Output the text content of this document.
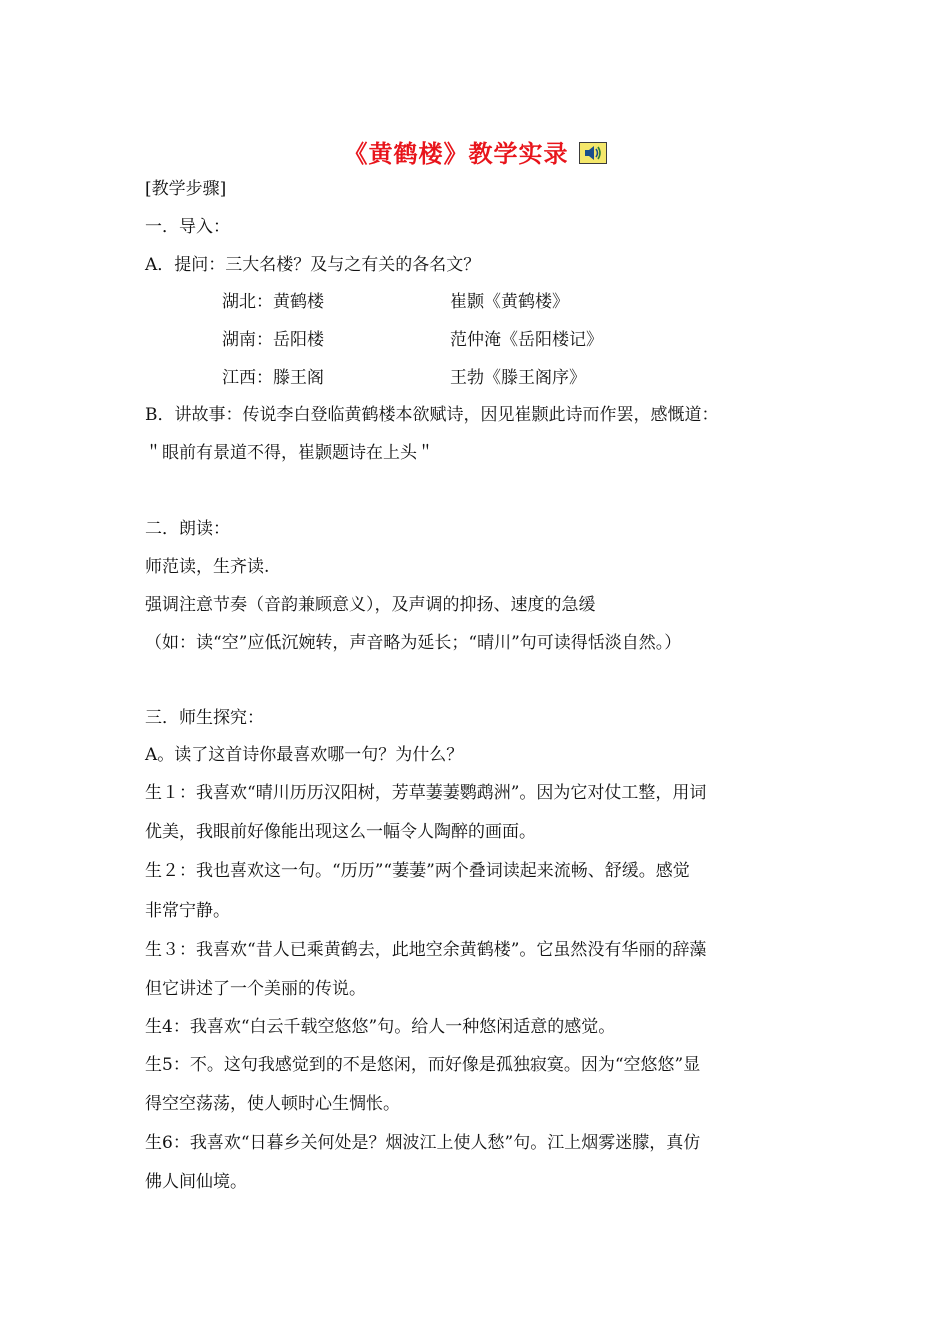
《黄鹤楼》教学实录
[教学步骤]
一．导入：
A．提问：三大名楼？及与之有关的各名文？
湖北：黄鹤楼	崔颢《黄鹤楼》
湖南：岳阳楼	范仲淹《岳阳楼记》
江西：滕王阁	王勃《滕王阁序》
B．讲故事：传说李白登临黄鹤楼本欲赋诗，因见崔颢此诗而作罢，感慨道：
＂眼前有景道不得，崔颢题诗在上头＂
二．朗读：
师范读，生齐读.
强调注意节奏（音韵兼顾意义），及声调的抑扬、速度的急缓
（如：读“空”应低沉婉转，声音略为延长；“晴川”句可读得恬淡自然。）
三．师生探究：
A。读了这首诗你最喜欢哪一句？为什么？
生１：我喜欢“晴川历历汉阳树，芳草萋萋鹦鹉洲”。因为它对仗工整，用词
优美，我眼前好像能出现这么一幅令人陶醉的画面。
生２：我也喜欢这一句。“历历”“萋萋”两个叠词读起来流畅、舒缓。感觉
非常宁静。
生３：我喜欢“昔人已乘黄鹤去，此地空余黄鹤楼”。它虽然没有华丽的辞藻
但它讲述了一个美丽的传说。
生4：我喜欢“白云千载空悠悠”句。给人一种悠闲适意的感觉。
生5：不。这句我感觉到的不是悠闲，而好像是孤独寂寞。因为“空悠悠”显
得空空荡荡，使人顿时心生惆怅。
生6：我喜欢“日暮乡关何处是？烟波江上使人愁”句。江上烟雾迷朦，真仿
佛人间仙境。
